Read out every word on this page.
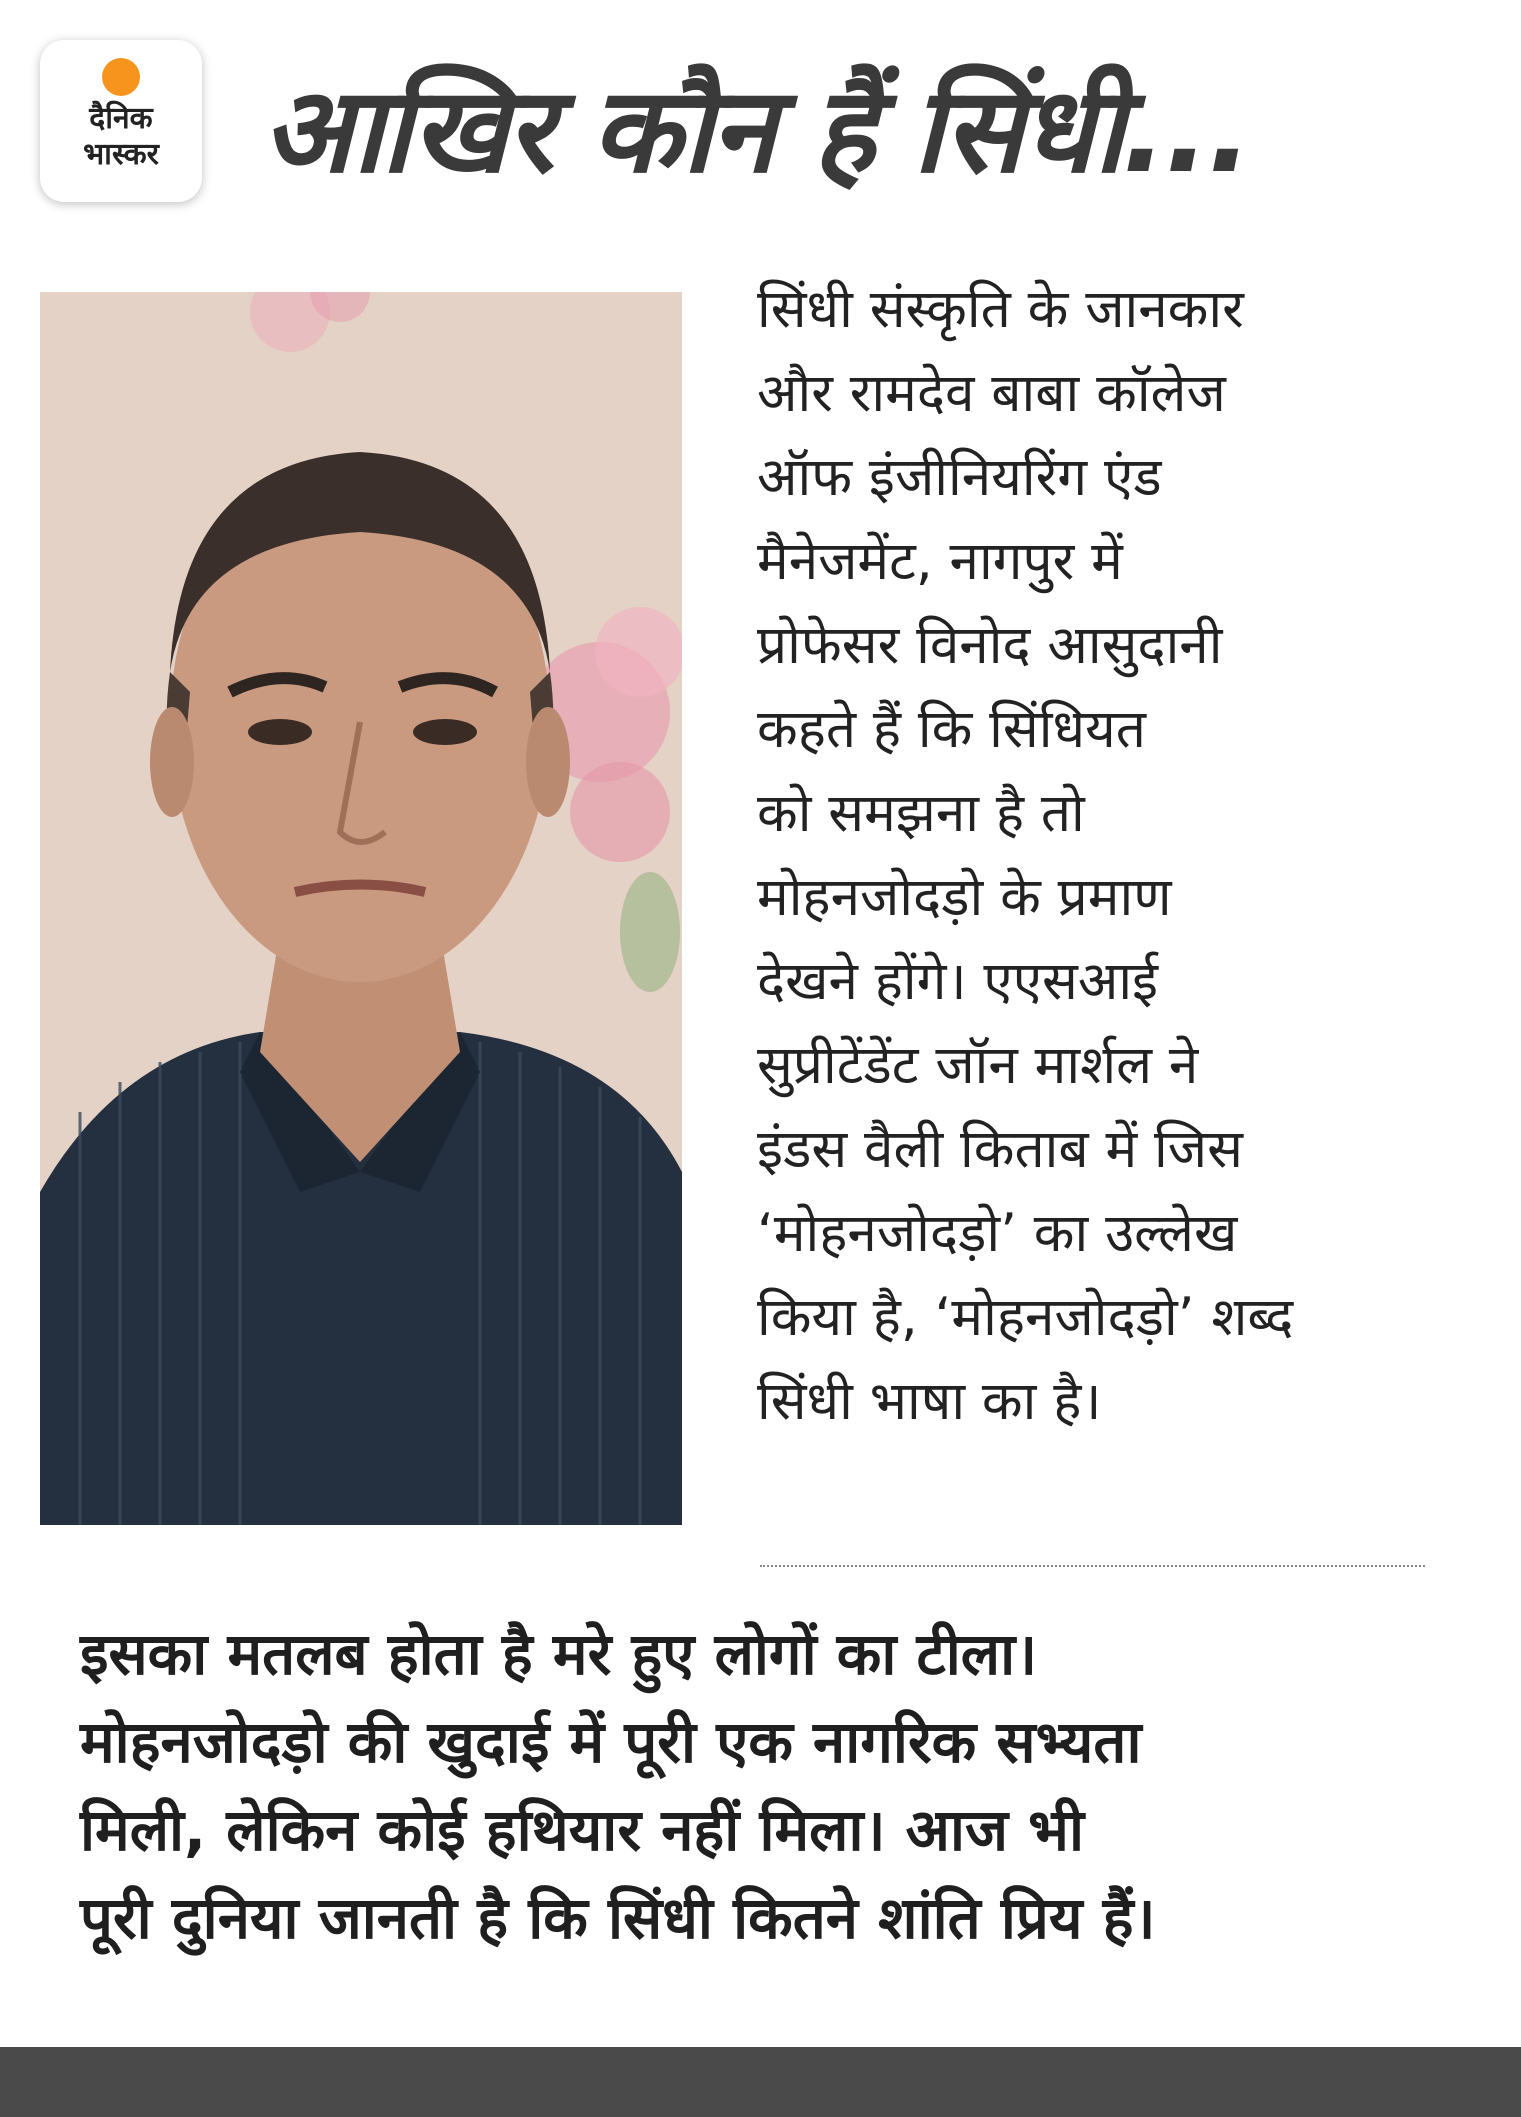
दैनिक
भास्कर आखिर कौन हैं सिंधी...
सिंधी संस्कृति के जानकार
और रामदेव बाबा कॉलेज
ऑफ इंजीनियरिंग एंड
मैनेजमेंट, नागपुर में
प्रोफेसर विनोद आसुदानी
कहते हैं कि सिंधियत
को समझना है तो
मोहनजोदड़ो के प्रमाण
देखने होंगे। एएसआई
सुप्रीटेंडेंट जॉन मार्शल ने
इंडस वैली किताब में जिस
‘मोहनजोदड़ो’ का उल्लेख
किया है, ‘मोहनजोदड़ो’ शब्द
सिंधी भाषा का है।
इसका मतलब होता है मरे हुए लोगों का टीला।
मोहनजोदड़ो की खुदाई में पूरी एक नागरिक सभ्यता
मिली, लेकिन कोई हथियार नहीं मिला। आज भी
पूरी दुनिया जानती है कि सिंधी कितने शांति प्रिय हैं।
